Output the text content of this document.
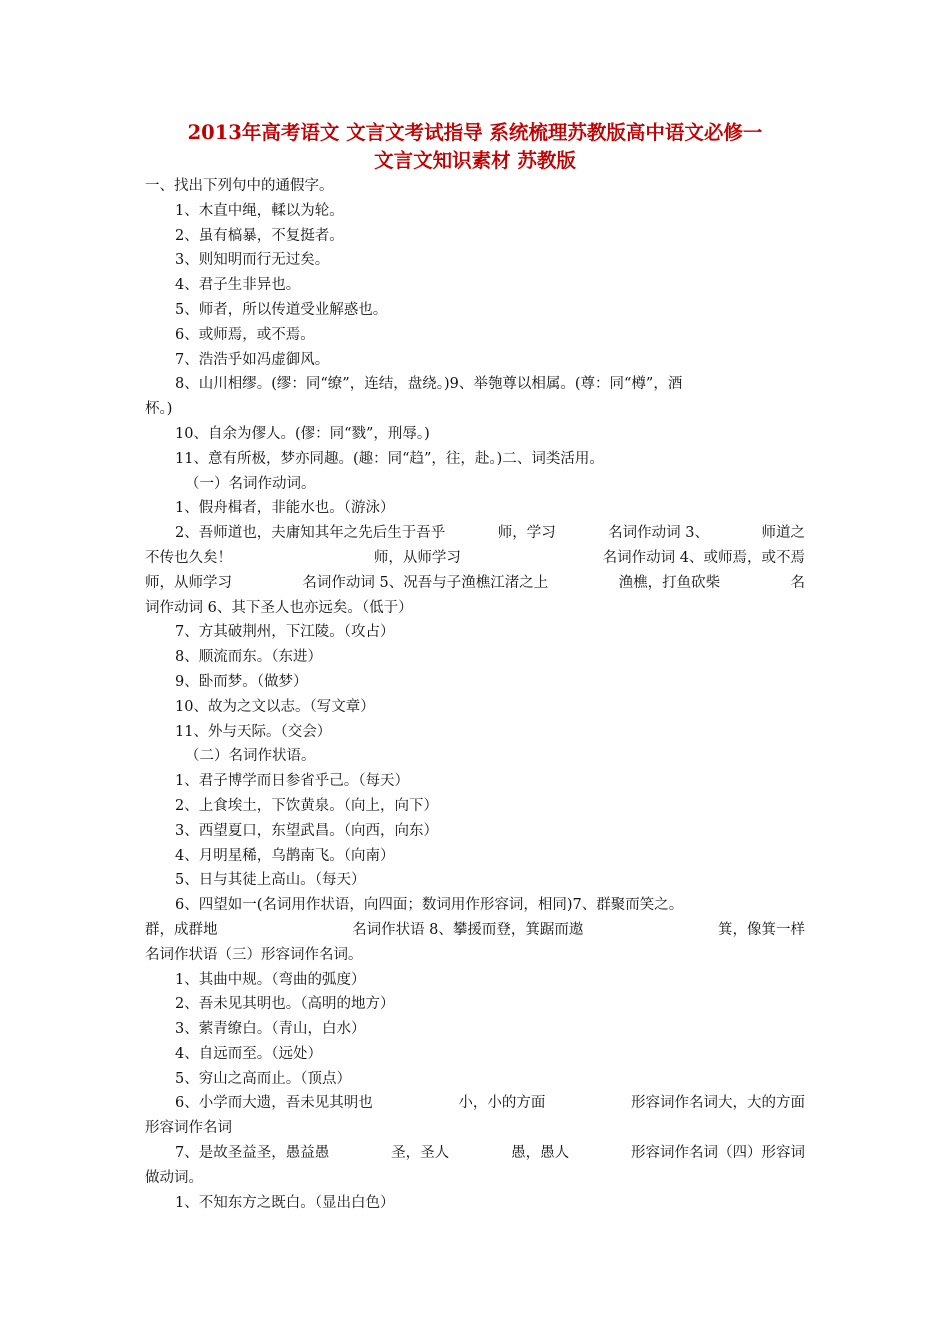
2013年高考语文 文言文考试指导 系统梳理苏教版高中语文必修一
文言文知识素材 苏教版
一、找出下列句中的通假字。
1、木直中绳，輮以为轮。
2、虽有槁暴，不复挺者。
3、则知明而行无过矣。
4、君子生非异也。
5、师者，所以传道受业解惑也。
6、或师焉，或不焉。
7、浩浩乎如冯虚御风。
8、山川相缪。(缪：同“缭”，连结，盘绕。)9、举匏尊以相属。(尊：同“樽”，酒
杯。)
10、自余为僇人。(僇：同“戮”，刑辱。)
11、意有所极，梦亦同趣。(趣：同“趋”，往，赴。)二、词类活用。
（一）名词作动词。
1、假舟楫者，非能水也。（游泳）
2、吾师道也，夫庸知其年之先后生于吾乎	师，学习	名词作动词 3、	师道之
不传也久矣！	师，从师学习	名词作动词 4、或师焉，或不焉
师，从师学习	名词作动词 5、况吾与子渔樵江渚之上	渔樵，打鱼砍柴	名
词作动词 6、其下圣人也亦远矣。（低于）
7、方其破荆州，下江陵。（攻占）
8、顺流而东。（东进）
9、卧而梦。（做梦）
10、故为之文以志。（写文章）
11、外与天际。（交会）
（二）名词作状语。
1、君子博学而日参省乎己。（每天）
2、上食埃土，下饮黄泉。（向上，向下）
3、西望夏口，东望武昌。（向西，向东）
4、月明星稀，乌鹊南飞。（向南）
5、日与其徒上高山。（每天）
6、四望如一(名词用作状语，向四面；数词用作形容词，相同)7、群聚而笑之。
群，成群地	名词作状语 8、攀援而登，箕踞而遨	箕，像箕一样
名词作状语（三）形容词作名词。
1、其曲中规。（弯曲的弧度）
2、吾未见其明也。（高明的地方）
3、萦青缭白。（青山，白水）
4、自远而至。（远处）
5、穷山之高而止。（顶点）
6、小学而大遗，吾未见其明也	小，小的方面	形容词作名词大，大的方面
形容词作名词
7、是故圣益圣，愚益愚	圣，圣人	愚，愚人	形容词作名词（四）形容词
做动词。
1、不知东方之既白。（显出白色）
